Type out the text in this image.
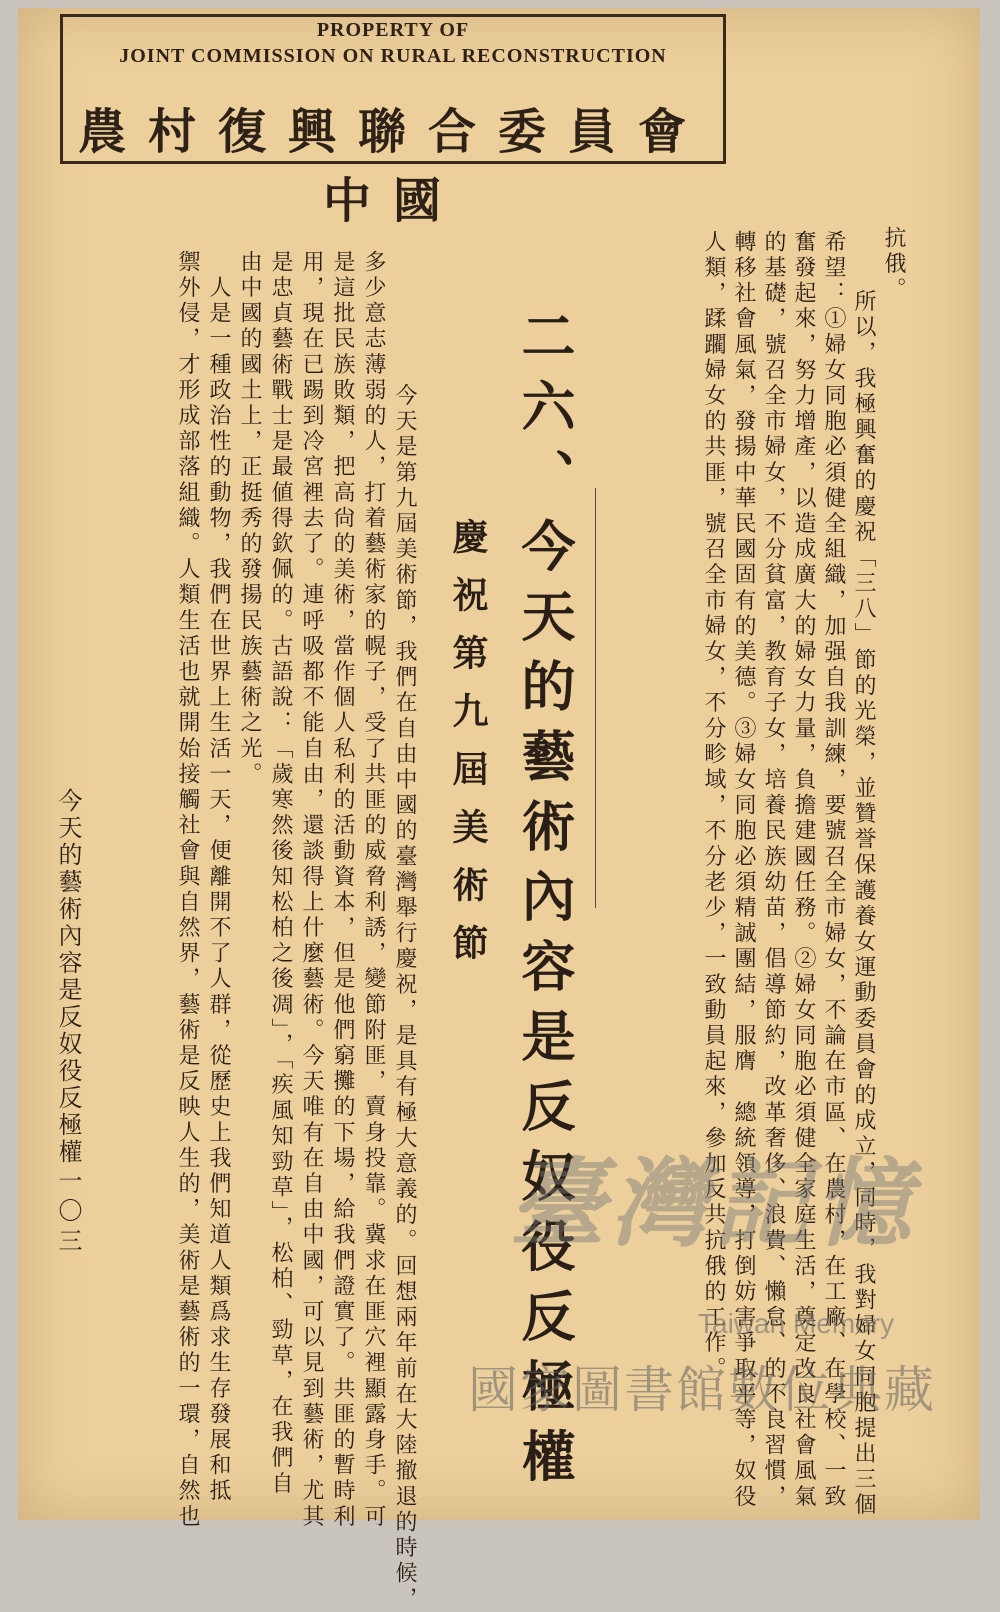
PROPERTY OF
JOINT COMMISSION ON RURAL RECONSTRUCTION
會員委合聯興復村農國中
抗俄。
　所以，我極興奮的慶祝「三八」節的光榮，並贊誉保護養女運動委員會的成立，同時，我對婦女同胞提出三個
希望：①婦女同胞必須健全組織，加强自我訓練，要號召全市婦女，不論在市區、在農村，在工廠、在學校、一致
奮發起來，努力增產，以造成廣大的婦女力量，負擔建國任務。②婦女同胞必須健全家庭生活，奠定改良社會風氣
的基礎，號召全市婦女，不分貧富，教育子女，培養民族幼苗，倡導節約，改革奢侈、浪費、懶怠、的不良習慣，
轉移社會風氣，發揚中華民國固有的美德。③婦女同胞必須精誠團結，服膺　總統領導，打倒妨害爭取平等，奴役
人類，蹂躙婦女的共匪，號召全市婦女，不分畛域，不分老少，一致動員起來，參加反共抗俄的工作。
二六、今天的藝術內容是反奴役反極權
慶祝第九屆美術節
　今天是第九屆美術節，我們在自由中國的臺灣舉行慶祝，是具有極大意義的。回想兩年前在大陸撤退的時候，
多少意志薄弱的人，打着藝術家的幌子，受了共匪的威脅利誘，變節附匪，賣身投靠。冀求在匪穴裡顯露身手。可
是這批民族敗類，把高尙的美術，當作個人私利的活動資本，但是他們窮攤的下場，給我們證實了。共匪的暫時利
用，現在已踢到冷宮裡去了。連呼吸都不能自由，還談得上什麼藝術。今天唯有在自由中國，可以見到藝術，尤其
是忠貞藝術戰士是最値得欽佩的。古語說：「歲寒然後知松柏之後凋」，「疾風知勁草」，松柏、勁草，在我們自
由中國的國土上，正挺秀的發揚民族藝術之光。
　人是一種政治性的動物，我們在世界上生活一天，便離開不了人群，從歷史上我們知道人類爲求生存發展和抵
禦外侵，才形成部落組織。人類生活也就開始接觸社會與自然界，藝術是反映人生的，美術是藝術的一環，自然也
今天的藝術內容是反奴役反極權
一〇三	臺灣記憶
Taiwan Memory
國家圖書館數位典藏
